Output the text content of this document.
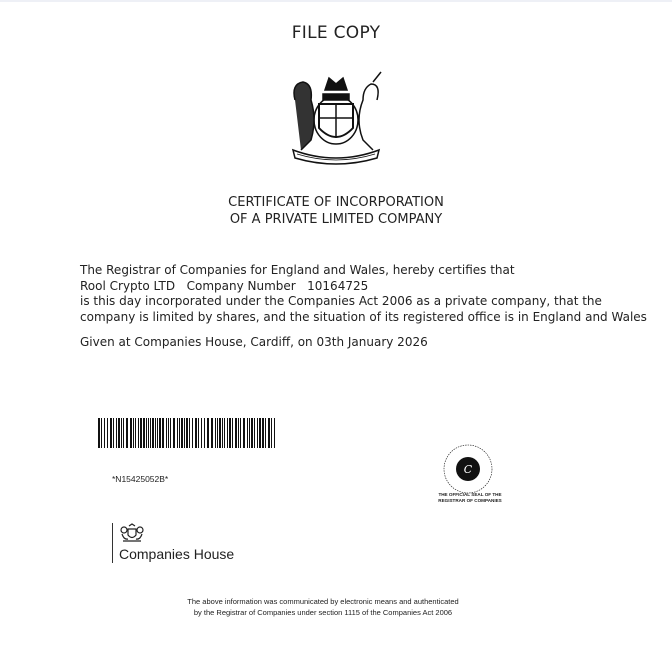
FILE COPY
CERTIFICATE OF INCORPORATION
OF A PRIVATE LIMITED COMPANY
The Registrar of Companies for England and Wales, hereby certifies that
Rool Crypto LTD Company Number 10164725
is this day incorporated under the Companies Act 2006 as a private company, that the
company is limited by shares, and the situation of its registered office is in England and Wales
Given at Companies House, Cardiff, on 03th January 2026
*N15425052B*
C
THE OFFICIAL SEAL OF THE
REGISTRAR OF COMPANIES
Companies House
The above information was communicated by electronic means and authenticated
by the Registrar of Companies under section 1115 of the Companies Act 2006
